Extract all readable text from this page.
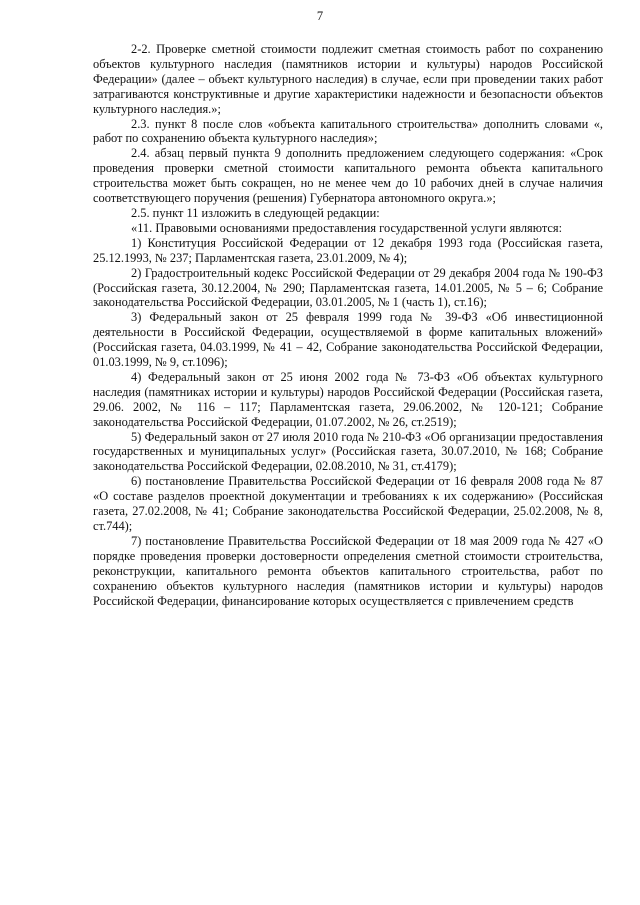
7

2-2. Проверке сметной стоимости подлежит сметная стоимость работ по сохранению объектов культурного наследия (памятников истории и культуры) народов Российской Федерации» (далее – объект культурного наследия) в случае, если при проведении таких работ затрагиваются конструктивные и другие характеристики надежности и безопасности объектов культурного наследия.»;

2.3. пункт 8 после слов «объекта капитального строительства» дополнить словами «, работ по сохранению объекта культурного наследия»;

2.4. абзац первый пункта 9 дополнить предложением следующего содержания: «Срок проведения проверки сметной стоимости капитального ремонта объекта капитального строительства может быть сокращен, но не менее чем до 10 рабочих дней в случае наличия соответствующего поручения (решения) Губернатора автономного округа.»;

2.5. пункт 11 изложить в следующей редакции:

«11. Правовыми основаниями предоставления государственной услуги являются:

1) Конституция Российской Федерации от 12 декабря 1993 года (Российская газета, 25.12.1993, № 237; Парламентская газета, 23.01.2009, № 4);

2) Градостроительный кодекс Российской Федерации от 29 декабря 2004 года № 190-ФЗ (Российская газета, 30.12.2004, № 290; Парламентская газета, 14.01.2005, № 5 – 6; Собрание законодательства Российской Федерации, 03.01.2005, № 1 (часть 1), ст.16);

3) Федеральный закон от 25 февраля 1999 года № 39-ФЗ «Об инвестиционной деятельности в Российской Федерации, осуществляемой в форме капитальных вложений» (Российская газета, 04.03.1999, № 41 – 42, Собрание законодательства Российской Федерации, 01.03.1999, № 9, ст.1096);

4) Федеральный закон от 25 июня 2002 года № 73-ФЗ «Об объектах культурного наследия (памятниках истории и культуры) народов Российской Федерации (Российская газета, 29.06. 2002, № 116 – 117; Парламентская газета, 29.06.2002, № 120-121; Собрание законодательства Российской Федерации, 01.07.2002, № 26, ст.2519);

5) Федеральный закон от 27 июля 2010 года № 210-ФЗ «Об организации предоставления государственных и муниципальных услуг» (Российская газета, 30.07.2010, № 168; Собрание законодательства Российской Федерации, 02.08.2010, № 31, ст.4179);

6) постановление Правительства Российской Федерации от 16 февраля 2008 года № 87 «О составе разделов проектной документации и требованиях к их содержанию» (Российская газета, 27.02.2008, № 41; Собрание законодательства Российской Федерации, 25.02.2008, № 8, ст.744);

7) постановление Правительства Российской Федерации от 18 мая 2009 года № 427 «О порядке проведения проверки достоверности определения сметной стоимости строительства, реконструкции, капитального ремонта объектов капитального строительства, работ по сохранению объектов культурного наследия (памятников истории и культуры) народов Российской Федерации, финансирование которых осуществляется с привлечением средств
